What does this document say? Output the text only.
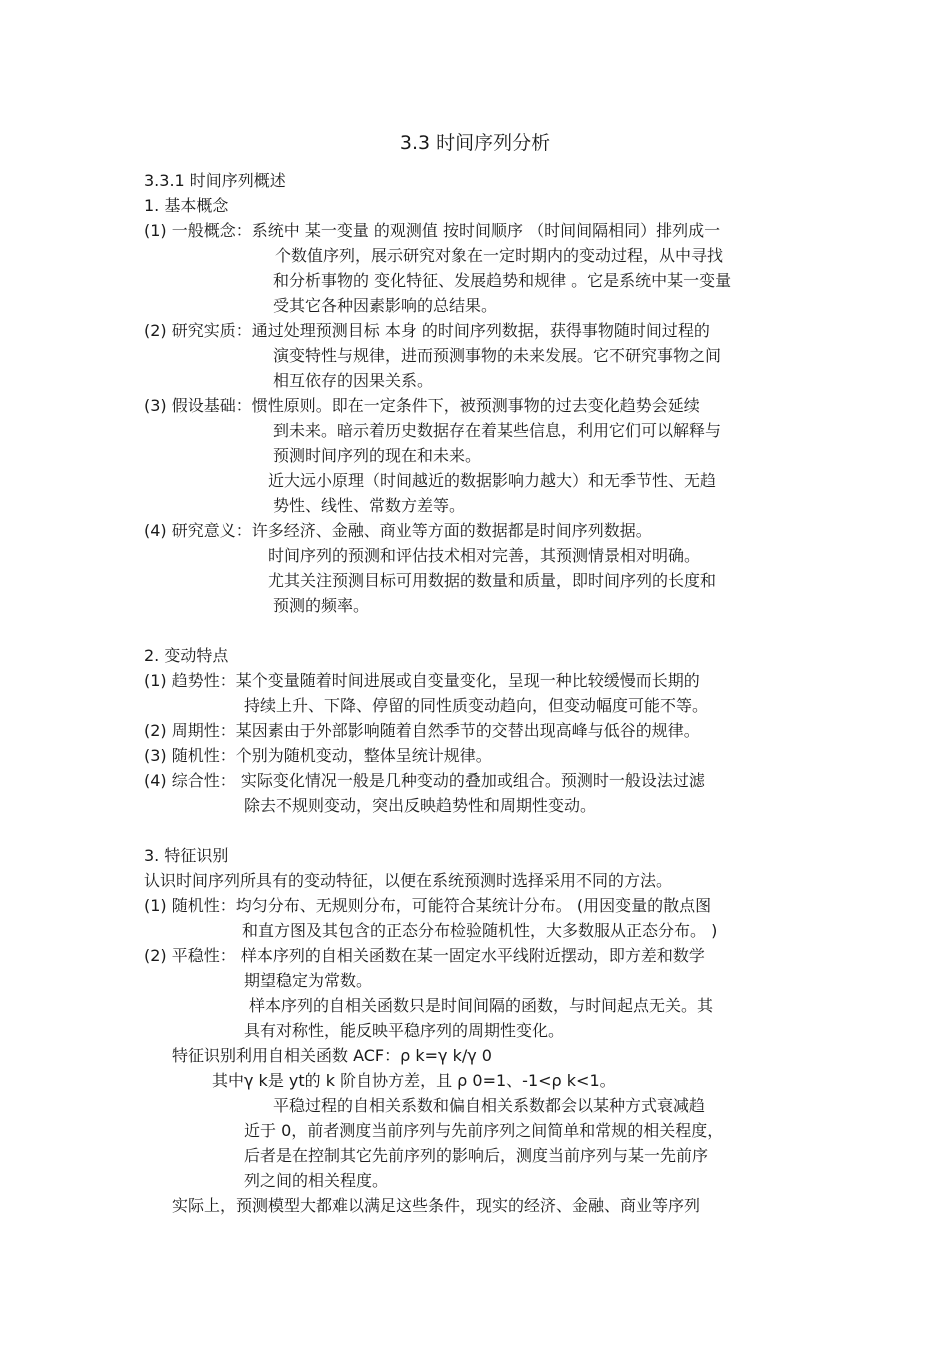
3.3 时间序列分析
3.3.1 时间序列概述
1. 基本概念
(1) 一般概念：系统中 某一变量 的观测值 按时间顺序 （时间间隔相同）排列成一
个数值序列，展示研究对象在一定时期内的变动过程，从中寻找
和分析事物的 变化特征、发展趋势和规律 。它是系统中某一变量
受其它各种因素影响的总结果。
(2) 研究实质：通过处理预测目标 本身 的时间序列数据，获得事物随时间过程的
演变特性与规律，进而预测事物的未来发展。它不研究事物之间
相互依存的因果关系。
(3) 假设基础：惯性原则。即在一定条件下，被预测事物的过去变化趋势会延续
到未来。暗示着历史数据存在着某些信息，利用它们可以解释与
预测时间序列的现在和未来。
近大远小原理（时间越近的数据影响力越大）和无季节性、无趋
势性、线性、常数方差等。
(4) 研究意义：许多经济、金融、商业等方面的数据都是时间序列数据。
时间序列的预测和评估技术相对完善，其预测情景相对明确。
尤其关注预测目标可用数据的数量和质量，即时间序列的长度和
预测的频率。
2. 变动特点
(1) 趋势性：某个变量随着时间进展或自变量变化，呈现一种比较缓慢而长期的
持续上升、下降、停留的同性质变动趋向，但变动幅度可能不等。
(2) 周期性：某因素由于外部影响随着自然季节的交替出现高峰与低谷的规律。
(3) 随机性：个别为随机变动，整体呈统计规律。
(4) 综合性： 实际变化情况一般是几种变动的叠加或组合。预测时一般设法过滤
除去不规则变动，突出反映趋势性和周期性变动。
3. 特征识别
认识时间序列所具有的变动特征，以便在系统预测时选择采用不同的方法。
(1) 随机性：均匀分布、无规则分布，可能符合某统计分布。 (用因变量的散点图
和直方图及其包含的正态分布检验随机性，大多数服从正态分布。 )
(2) 平稳性： 样本序列的自相关函数在某一固定水平线附近摆动，即方差和数学
期望稳定为常数。
样本序列的自相关函数只是时间间隔的函数，与时间起点无关。其
具有对称性，能反映平稳序列的周期性变化。
特征识别利用自相关函数 ACF：ρ k=γ k/γ 0
其中γ k是 yt的 k 阶自协方差，且 ρ 0=1、-1<ρ k<1。
平稳过程的自相关系数和偏自相关系数都会以某种方式衰减趋
近于 0，前者测度当前序列与先前序列之间简单和常规的相关程度，
后者是在控制其它先前序列的影响后，测度当前序列与某一先前序
列之间的相关程度。
实际上，预测模型大都难以满足这些条件，现实的经济、金融、商业等序列
